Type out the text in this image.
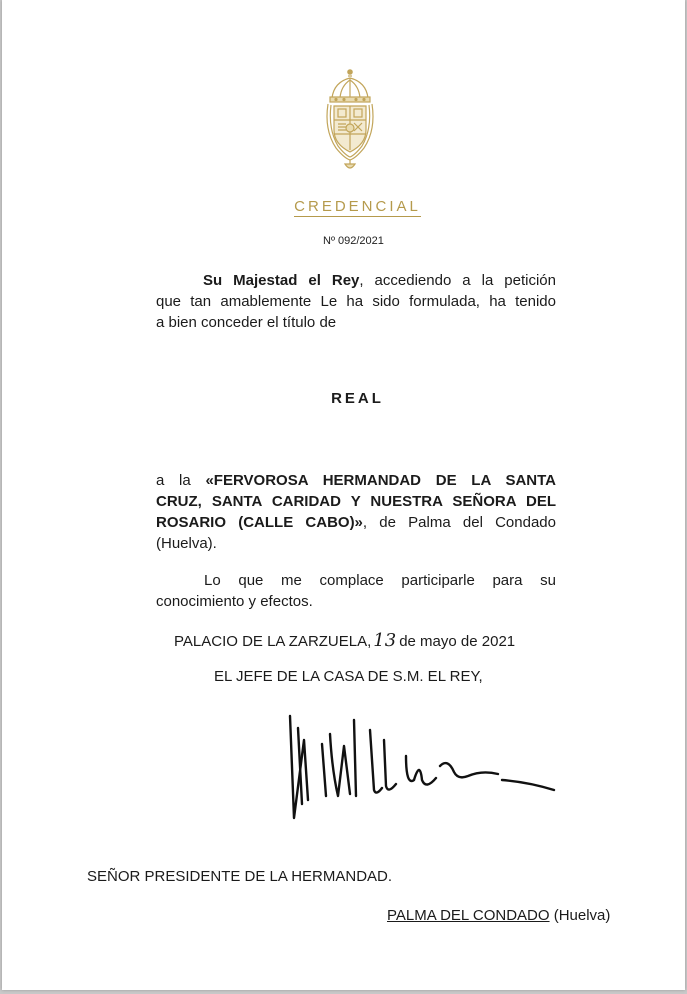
CREDENCIAL
Nº 092/2021
Su Majestad el Rey, accediendo a la petición
que tan amablemente Le ha sido formulada, ha tenido
a bien conceder el título de
REAL
a la «FERVOROSA HERMANDAD DE LA SANTA
CRUZ, SANTA CARIDAD Y NUESTRA SEÑORA DEL
ROSARIO (CALLE CABO)», de Palma del Condado
(Huelva).
Lo que me complace participarle para su
conocimiento y efectos.
PALACIO DE LA ZARZUELA, 13 de mayo de 2021
EL JEFE DE LA CASA DE S.M. EL REY,
SEÑOR PRESIDENTE DE LA HERMANDAD.
PALMA DEL CONDADO (Huelva)
